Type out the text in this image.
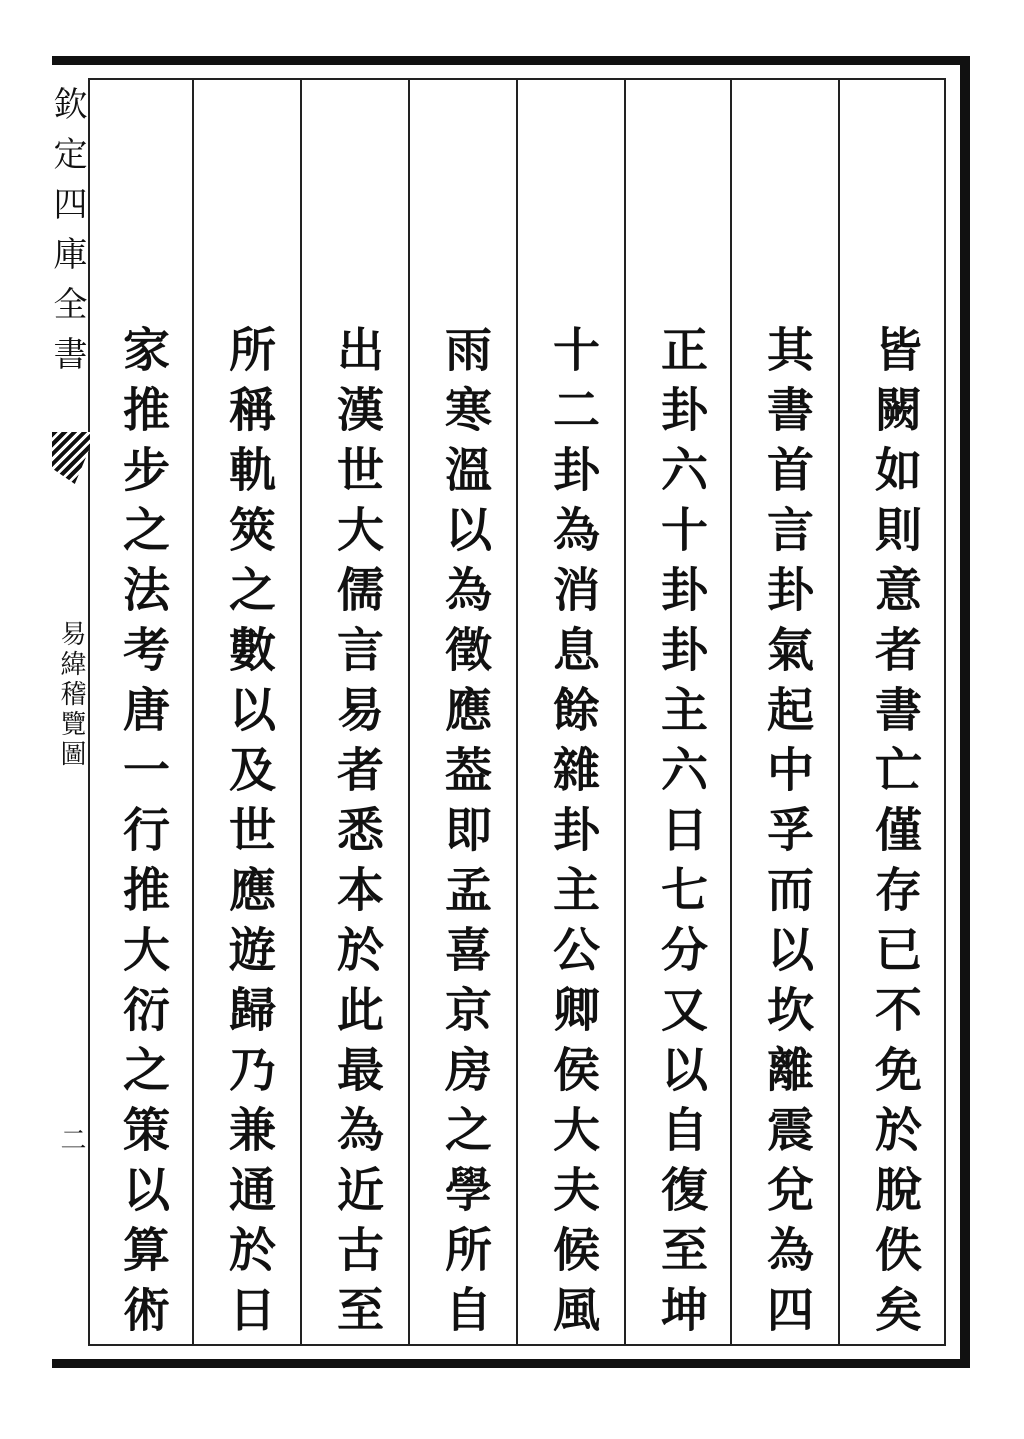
欽定四庫全書
易緯稽覽圖
二	皆闕如則意者書亡僅存已不免於脫佚矣
其書首言卦氣起中孚而以坎離震兌為四
正卦六十卦卦主六日七分又以自復至坤
十二卦為消息餘雜卦主公卿侯大夫候風
雨寒溫以為徵應葢即孟喜京房之學所自
出漢世大儒言易者悉本於此最為近古至
所稱軌筴之數以及世應遊歸乃兼通於日
家推步之法考唐一行推大衍之策以算術
